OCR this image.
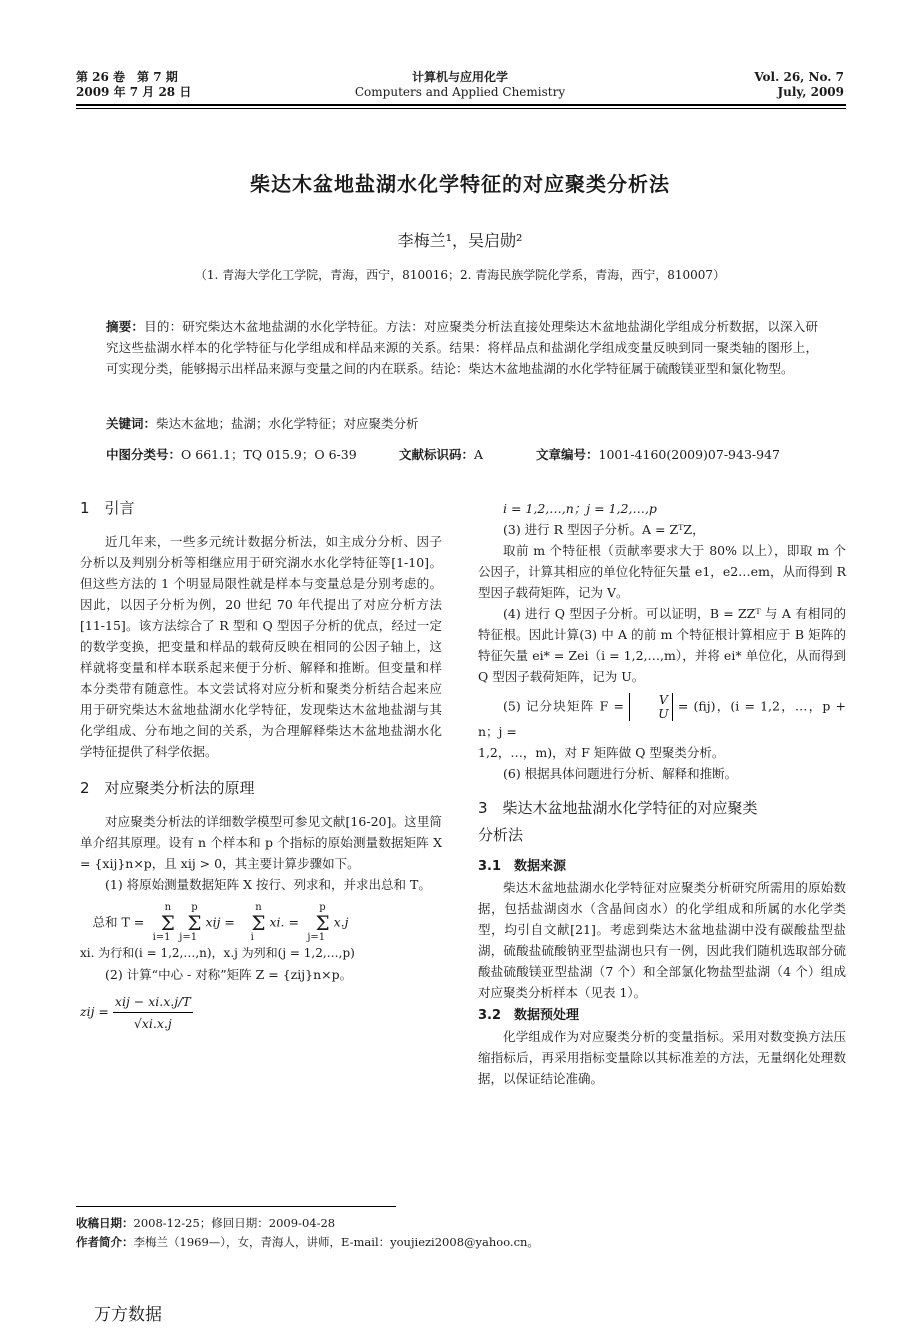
第 26 卷　第 7 期
2009 年 7 月 28 日
计算机与应用化学
Computers and Applied Chemistry
Vol. 26, No. 7
July, 2009
柴达木盆地盐湖水化学特征的对应聚类分析法
李梅兰¹，吴启勋²
（1. 青海大学化工学院，青海，西宁，810016；2. 青海民族学院化学系，青海，西宁，810007）
摘要：目的：研究柴达木盆地盐湖的水化学特征。方法：对应聚类分析法直接处理柴达木盆地盐湖化学组成分析数据，以深入研究这些盐湖水样本的化学特征与化学组成和样品来源的关系。结果：将样品点和盐湖化学组成变量反映到同一聚类轴的图形上，可实现分类，能够揭示出样品来源与变量之间的内在联系。结论：柴达木盆地盐湖的水化学特征属于硫酸镁亚型和氯化物型。
关键词：柴达木盆地；盐湖；水化学特征；对应聚类分析
中图分类号：O 661.1；TQ 015.9；O 6-39	文献标识码：A	文章编号：1001-4160(2009)07-943-947

1　引言

近几年来，一些多元统计数据分析法，如主成分分析、因子分析以及判别分析等相继应用于研究湖水水化学特征等[1-10]。但这些方法的 1 个明显局限性就是样本与变量总是分别考虑的。因此，以因子分析为例，20 世纪 70 年代提出了对应分析方法[11-15]。该方法综合了 R 型和 Q 型因子分析的优点，经过一定的数学变换，把变量和样品的载荷反映在相同的公因子轴上，这样就将变量和样本联系起来便于分析、解释和推断。但变量和样本分类带有随意性。本文尝试将对应分析和聚类分析结合起来应用于研究柴达木盆地盐湖水化学特征，发现柴达木盆地盐湖与其化学组成、分布地之间的关系，为合理解释柴达木盆地盐湖水化学特征提供了科学依据。

2　对应聚类分析法的原理

对应聚类分析法的详细数学模型可参见文献[16-20]。这里简单介绍其原理。设有 n 个样本和 p 个指标的原始测量数据矩阵 X = {xij}n×p，且 xij > 0，其主要计算步骤如下。

(1) 将原始测量数据矩阵 X 按行、列求和，并求出总和 T。

总和 T = n
Σ
i=1p
Σ
j=1 xij = n
Σ
i xi. = p
Σ
j=1 x.j

xi. 为行和(i = 1,2,…,n)，x.j 为列和(j = 1,2,…,p)

(2) 计算“中心 - 对称”矩阵 Z = {zij}n×p。

zij = $\frac{\text{xij − xi.x.j/T}}{√xi.x.j}$

i = 1,2,…,n；j = 1,2,…,p

(3) 进行 R 型因子分析。A = ZᵀZ，

取前 m 个特征根（贡献率要求大于 80% 以上），即取 m 个公因子，计算其相应的单位化特征矢量 e1，e2…em，从而得到 R 型因子载荷矩阵，记为 V。

(4) 进行 Q 型因子分析。可以证明，B = ZZᵀ 与 A 有相同的特征根。因此计算(3) 中 A 的前 m 个特征根计算相应于 B 矩阵的特征矢量 ei* = Zei（i = 1,2,…,m），并将 ei* 单位化，从而得到 Q 型因子载荷矩阵，记为 U。

(5) 记分块矩阵 F =	V
U = (fij)，(i = 1,2，…，p + n；j =

1,2，…，m)，对 F 矩阵做 Q 型聚类分析。

(6) 根据具体问题进行分析、解释和推断。

3　柴达木盆地盐湖水化学特征的对应聚类
分析法

3.1　数据来源

柴达木盆地盐湖水化学特征对应聚类分析研究所需用的原始数据，包括盐湖卤水（含晶间卤水）的化学组成和所属的水化学类型，均引自文献[21]。考虑到柴达木盆地盐湖中没有碳酸盐型盐湖，硫酸盐硫酸钠亚型盐湖也只有一例，因此我们随机选取部分硫酸盐硫酸镁亚型盐湖（7 个）和全部氯化物盐型盐湖（4 个）组成对应聚类分析样本（见表 1）。

3.2　数据预处理

化学组成作为对应聚类分析的变量指标。采用对数变换方法压缩指标后，再采用指标变量除以其标准差的方法，无量纲化处理数据，以保证结论准确。

收稿日期：2008-12-25；修回日期：2009-04-28
作者简介：李梅兰（1969—），女，青海人，讲师，E-mail：youjiezi2008@yahoo.cn。
万方数据
